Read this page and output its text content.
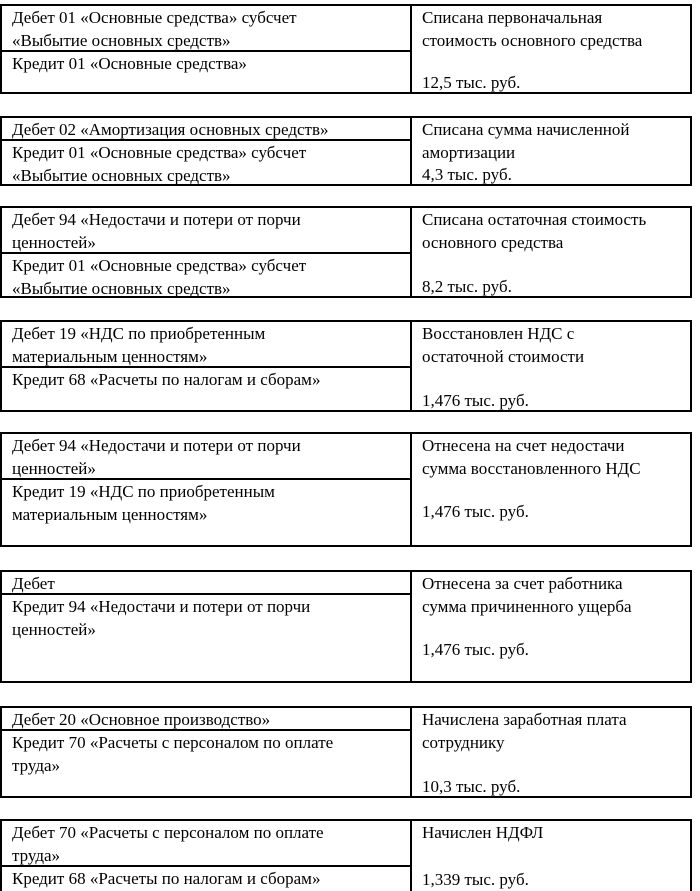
Дебет 01 «Основные средства» субсчет
«Выбытие основных средств»
Кредит 01 «Основные средства»
Списана первоначальная
стоимость основного средства
12,5 тыс. руб.
Дебет 02 «Амортизация основных средств»
Кредит 01 «Основные средства» субсчет
«Выбытие основных средств»
Списана сумма начисленной
амортизации
4,3 тыс. руб.
Дебет 94 «Недостачи и потери от порчи
ценностей»
Кредит 01 «Основные средства» субсчет
«Выбытие основных средств»
Списана остаточная стоимость
основного средства
8,2 тыс. руб.
Дебет 19 «НДС по приобретенным
материальным ценностям»
Кредит 68 «Расчеты по налогам и сборам»
Восстановлен НДС с
остаточной стоимости
1,476 тыс. руб.
Дебет 94 «Недостачи и потери от порчи
ценностей»
Кредит 19 «НДС по приобретенным
материальным ценностям»
Отнесена на счет недостачи
сумма восстановленного НДС
1,476 тыс. руб.
Дебет
Кредит 94 «Недостачи и потери от порчи
ценностей»
Отнесена за счет работника
сумма причиненного ущерба
1,476 тыс. руб.
Дебет 20 «Основное производство»
Кредит 70 «Расчеты с персоналом по оплате
труда»
Начислена заработная плата
сотруднику
10,3 тыс. руб.
Дебет 70 «Расчеты с персоналом по оплате
труда»
Кредит 68 «Расчеты по налогам и сборам»
Начислен НДФЛ
1,339 тыс. руб.
